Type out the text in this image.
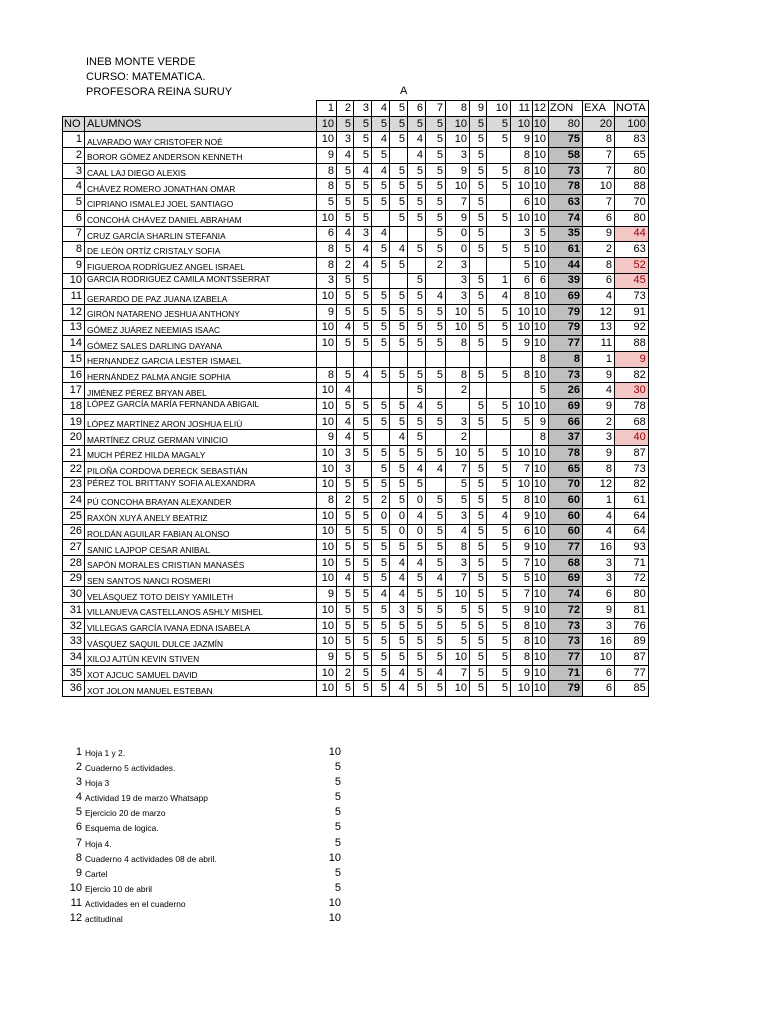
INEB MONTE VERDE
CURSO: MATEMATICA.
PROFESORA REINA SURUY	A
		1	2	3	4	5	6	7	8	9	10	11	12	ZON	EXA	NOTA
NO	ALUMNOS	10	5	5	5	5	5	5	10	5	5	10	10	80	20	100
1	ALVARADO WAY CRISTOFER NOÉ	10	3	5	4	5	4	5	10	5	5	9	10	75	8	83
2	BOROR GÓMEZ ANDERSON KENNETH	9	4	5	5		4	5	3	5		8	10	58	7	65
3	CAAL LAJ DIEGO ALEXIS	8	5	4	4	5	5	5	9	5	5	8	10	73	7	80
4	CHÁVEZ ROMERO JONATHAN OMAR	8	5	5	5	5	5	5	10	5	5	10	10	78	10	88
5	CIPRIANO ISMALEJ JOEL SANTIAGO	5	5	5	5	5	5	5	7	5		6	10	63	7	70
6	CONCOHÁ CHÁVEZ DANIEL ABRAHAM	10	5	5		5	5	5	9	5	5	10	10	74	6	80
7	CRUZ GARCÍA SHARLIN STEFANIA	6	4	3	4			5	0	5		3	5	35	9	44
8	DE LEÓN ORTÍZ CRISTALY SOFIA	8	5	4	5	4	5	5	0	5	5	5	10	61	2	63
9	FIGUEROA RODRÍGUEZ ANGEL ISRAEL	8	2	4	5	5		2	3			5	10	44	8	52
10	GARCIA RODRIGUEZ CAMILA MONTSSERRAT	3	5	5			5		3	5	1	6	6	39	6	45
11	GERARDO DE PAZ JUANA IZABELA	10	5	5	5	5	5	4	3	5	4	8	10	69	4	73
12	GIRÓN NATARENO JESHUA ANTHONY	9	5	5	5	5	5	5	10	5	5	10	10	79	12	91
13	GÓMEZ JUÁREZ NEEMIAS ISAAC	10	4	5	5	5	5	5	10	5	5	10	10	79	13	92
14	GÓMEZ SALES DARLING DAYANA	10	5	5	5	5	5	5	8	5	5	9	10	77	11	88
15	HERNANDEZ GARCIA LESTER ISMAEL												8	8	1	9
16	HERNÁNDEZ PALMA ANGIE SOPHIA	8	5	4	5	5	5	5	8	5	5	8	10	73	9	82
17	JIMÉNEZ PÉREZ BRYAN ABEL	10	4				5		2				5	26	4	30
18	LÓPEZ GARCÍA MARÍA FERNANDA ABIGAIL	10	5	5	5	5	4	5		5	5	10	10	69	9	78
19	LÓPEZ MARTÍNEZ ARON JOSHUA ELIÚ	10	4	5	5	5	5	5	3	5	5	5	9	66	2	68
20	MARTÍNEZ CRUZ GERMAN VINICIO	9	4	5		4	5		2				8	37	3	40
21	MUCH PÉREZ HILDA MAGALY	10	3	5	5	5	5	5	10	5	5	10	10	78	9	87
22	PILOÑA CORDOVA DERECK SEBASTIÁN	10	3		5	5	4	4	7	5	5	7	10	65	8	73
23	PÉREZ TOL BRITTANY SOFIA ALEXANDRA	10	5	5	5	5	5		5	5	5	10	10	70	12	82
24	PÚ CONCOHA BRAYAN ALEXANDER	8	2	5	2	5	0	5	5	5	5	8	10	60	1	61
25	RAXÓN XUYÁ ANELY BEATRIZ	10	5	5	0	0	4	5	3	5	4	9	10	60	4	64
26	ROLDÁN AGUILAR FABIAN ALONSO	10	5	5	5	0	0	5	4	5	5	6	10	60	4	64
27	SANIC LAJPOP CESAR ANIBAL	10	5	5	5	5	5	5	8	5	5	9	10	77	16	93
28	SAPÓN MORALES CRISTIAN MANASÉS	10	5	5	5	4	4	5	3	5	5	7	10	68	3	71
29	SEN SANTOS NANCI ROSMERI	10	4	5	5	4	5	4	7	5	5	5	10	69	3	72
30	VELÁSQUEZ TOTO DEISY YAMILETH	9	5	5	4	4	5	5	10	5	5	7	10	74	6	80
31	VILLANUEVA CASTELLANOS ASHLY MISHEL	10	5	5	5	3	5	5	5	5	5	9	10	72	9	81
32	VILLEGAS GARCÍA IVANA EDNA ISABELA	10	5	5	5	5	5	5	5	5	5	8	10	73	3	76
33	VÁSQUEZ SAQUIL DULCE JAZMÍN	10	5	5	5	5	5	5	5	5	5	8	10	73	16	89
34	XILOJ AJTÚN KEVIN STIVEN	9	5	5	5	5	5	5	10	5	5	8	10	77	10	87
35	XOT AJCUC SAMUEL DAVID	10	2	5	5	4	5	4	7	5	5	9	10	71	6	77
36	XOT JOLON MANUEL ESTEBAN	10	5	5	5	4	5	5	10	5	5	10	10	79	6	85
1 Hoja 1 y 2.	10
2 Cuaderno 5 actividades.	5
3 Hoja 3	5
4 Actividad 19 de marzo Whatsapp	5
5 Ejercicio 20 de marzo	5
6 Esquema de logica.	5
7 Hoja 4.	5
8 Cuaderno 4 actividades 08 de abril.	10
9 Cartel	5
10 Ejercio 10 de abril	5
11 Actividades en el cuaderno	10
12 actitudinal	10
